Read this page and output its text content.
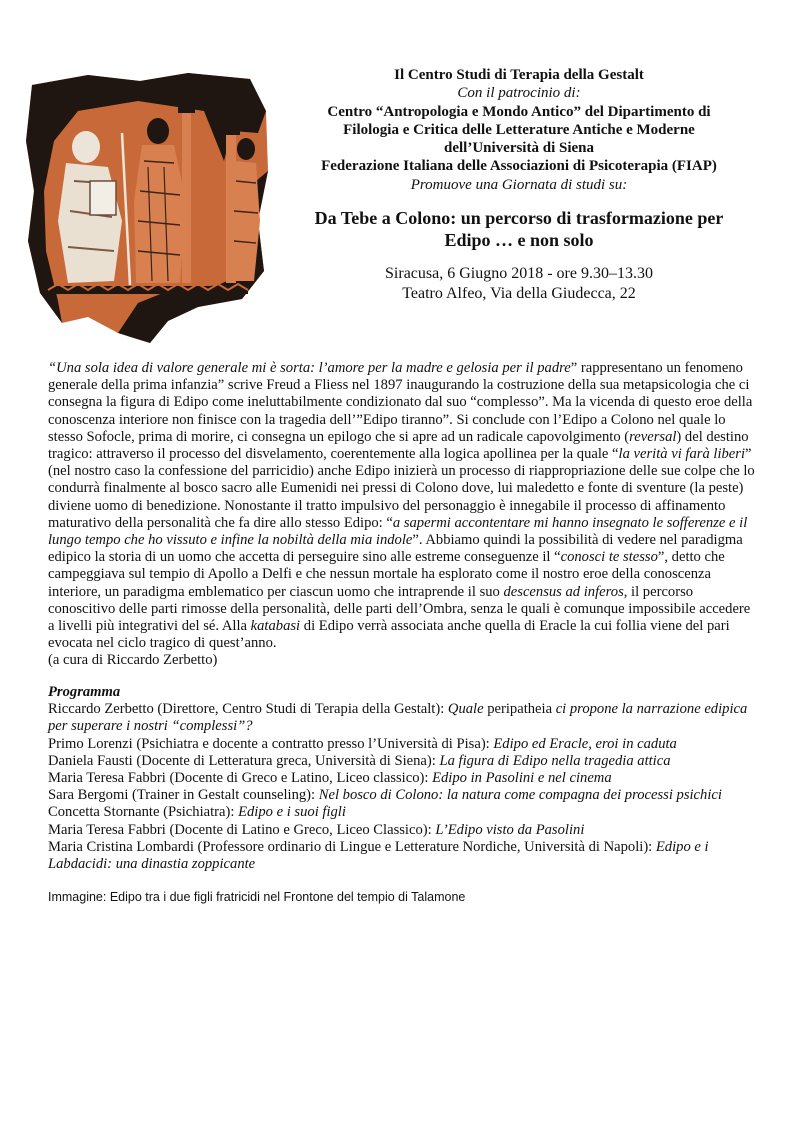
Il Centro Studi di Terapia della Gestalt
Con il patrocinio di:
Centro “Antropologia e Mondo Antico” del Dipartimento di
Filologia e Critica delle Letterature Antiche e Moderne
dell’Università di Siena
Federazione Italiana delle Associazioni di Psicoterapia (FIAP)
Promuove una Giornata di studi su:
Da Tebe a Colono: un percorso di trasformazione per
Edipo … e non solo
Siracusa, 6 Giugno 2018 - ore 9.30–13.30
Teatro Alfeo, Via della Giudecca, 22
“Una sola idea di valore generale mi è sorta: l’amore per la madre e gelosia per il padre” rappresentano un fenomeno generale della prima infanzia” scrive Freud a Fliess nel 1897 inaugurando la costruzione della sua metapsicologia che ci consegna la figura di Edipo come ineluttabilmente condizionato dal suo “complesso”. Ma la vicenda di questo eroe della conoscenza interiore non finisce con la tragedia dell’”Edipo tiranno”. Si conclude con l’Edipo a Colono nel quale lo stesso Sofocle, prima di morire, ci consegna un epilogo che si apre ad un radicale capovolgimento (reversal) del destino tragico: attraverso il processo del disvelamento, coerentemente alla logica apollinea per la quale “la verità vi farà liberi” (nel nostro caso la confessione del parricidio) anche Edipo inizierà un processo di riappropriazione delle sue colpe che lo condurrà finalmente al bosco sacro alle Eumenidi nei pressi di Colono dove, lui maledetto e fonte di sventure (la peste) diviene uomo di benedizione. Nonostante il tratto impulsivo del personaggio è innegabile il processo di affinamento maturativo della personalità che fa dire allo stesso Edipo: “a sapermi accontentare mi hanno insegnato le sofferenze e il lungo tempo che ho vissuto e infine la nobiltà della mia indole”. Abbiamo quindi la possibilità di vedere nel paradigma edipico la storia di un uomo che accetta di perseguire sino alle estreme conseguenze il “conosci te stesso”, detto che campeggiava sul tempio di Apollo a Delfi e che nessun mortale ha esplorato come il nostro eroe della conoscenza interiore, un paradigma emblematico per ciascun uomo che intraprende il suo descensus ad inferos, il percorso conoscitivo delle parti rimosse della personalità, delle parti dell’Ombra, senza le quali è comunque impossibile accedere a livelli più integrativi del sé. Alla katabasi di Edipo verrà associata anche quella di Eracle la cui follia viene del pari evocata nel ciclo tragico di quest’anno.
(a cura di Riccardo Zerbetto)
Programma
Riccardo Zerbetto (Direttore, Centro Studi di Terapia della Gestalt): Quale peripatheia ci propone la narrazione edipica per superare i nostri “complessi”?
Primo Lorenzi (Psichiatra e docente a contratto presso l’Università di Pisa): Edipo ed Eracle, eroi in caduta
Daniela Fausti (Docente di Letteratura greca, Università di Siena): La figura di Edipo nella tragedia attica
Maria Teresa Fabbri (Docente di Greco e Latino, Liceo classico): Edipo in Pasolini e nel cinema
Sara Bergomi (Trainer in Gestalt counseling): Nel bosco di Colono: la natura come compagna dei processi psichici
Concetta Stornante (Psichiatra): Edipo e i suoi figli
Maria Teresa Fabbri (Docente di Latino e Greco, Liceo Classico): L’Edipo visto da Pasolini
Maria Cristina Lombardi (Professore ordinario di Lingue e Letterature Nordiche, Università di Napoli): Edipo e i Labdacidi: una dinastia zoppicante
Immagine: Edipo tra i due figli fratricidi nel Frontone del tempio di Talamone
